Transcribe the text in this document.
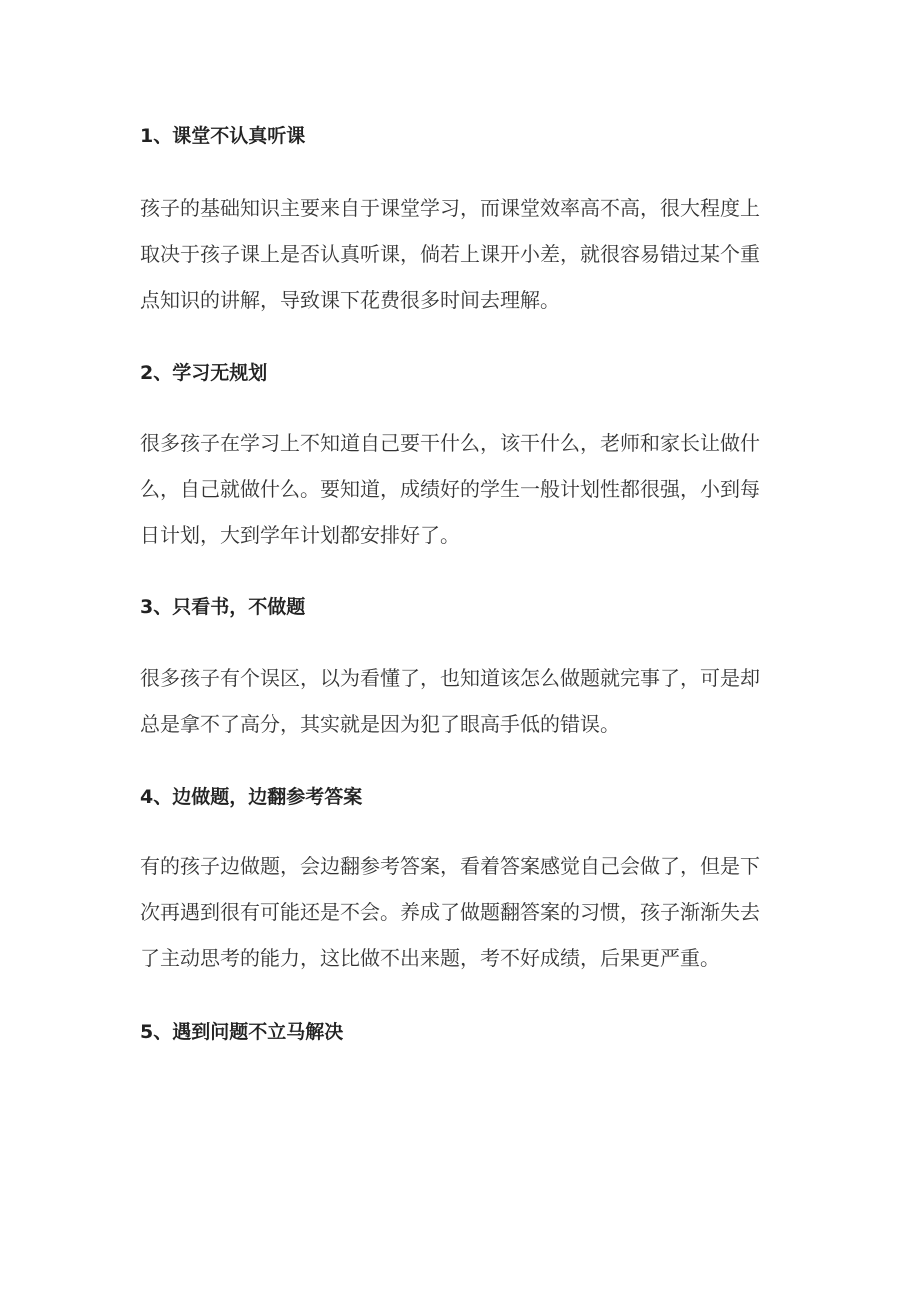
1、课堂不认真听课
孩子的基础知识主要来自于课堂学习，而课堂效率高不高，很大程度上
取决于孩子课上是否认真听课，倘若上课开小差，就很容易错过某个重
点知识的讲解，导致课下花费很多时间去理解。
2、学习无规划
很多孩子在学习上不知道自己要干什么，该干什么，老师和家长让做什
么，自己就做什么。要知道，成绩好的学生一般计划性都很强，小到每
日计划，大到学年计划都安排好了。
3、只看书，不做题
很多孩子有个误区，以为看懂了，也知道该怎么做题就完事了，可是却
总是拿不了高分，其实就是因为犯了眼高手低的错误。
4、边做题，边翻参考答案
有的孩子边做题，会边翻参考答案，看着答案感觉自己会做了，但是下
次再遇到很有可能还是不会。养成了做题翻答案的习惯，孩子渐渐失去
了主动思考的能力，这比做不出来题，考不好成绩，后果更严重。
5、遇到问题不立马解决
